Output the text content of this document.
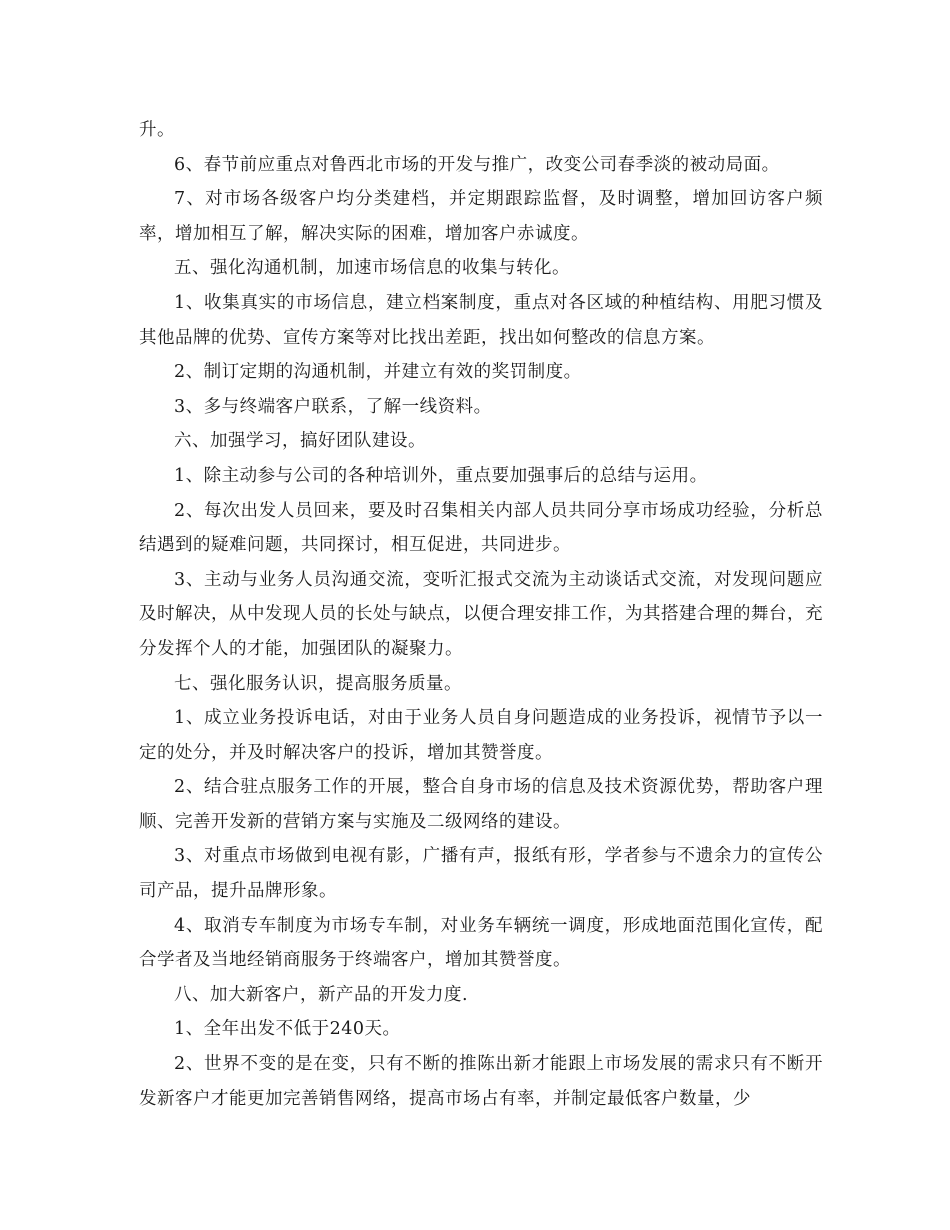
升。

6、春节前应重点对鲁西北市场的开发与推广，改变公司春季淡的被动局面。

7、对市场各级客户均分类建档，并定期跟踪监督，及时调整，增加回访客户频率，增加相互了解，解决实际的困难，增加客户赤诚度。

五、强化沟通机制，加速市场信息的收集与转化。

1、收集真实的市场信息，建立档案制度，重点对各区域的种植结构、用肥习惯及其他品牌的优势、宣传方案等对比找出差距，找出如何整改的信息方案。

2、制订定期的沟通机制，并建立有效的奖罚制度。

3、多与终端客户联系，了解一线资料。

六、加强学习，搞好团队建设。

1、除主动参与公司的各种培训外，重点要加强事后的总结与运用。

2、每次出发人员回来，要及时召集相关内部人员共同分享市场成功经验，分析总结遇到的疑难问题，共同探讨，相互促进，共同进步。

3、主动与业务人员沟通交流，变听汇报式交流为主动谈话式交流，对发现问题应及时解决，从中发现人员的长处与缺点，以便合理安排工作，为其搭建合理的舞台，充分发挥个人的才能，加强团队的凝聚力。

七、强化服务认识，提高服务质量。

1、成立业务投诉电话，对由于业务人员自身问题造成的业务投诉，视情节予以一定的处分，并及时解决客户的投诉，增加其赞誉度。

2、结合驻点服务工作的开展，整合自身市场的信息及技术资源优势，帮助客户理顺、完善开发新的营销方案与实施及二级网络的建设。

3、对重点市场做到电视有影，广播有声，报纸有形，学者参与不遗余力的宣传公司产品，提升品牌形象。

4、取消专车制度为市场专车制，对业务车辆统一调度，形成地面范围化宣传，配合学者及当地经销商服务于终端客户，增加其赞誉度。

八、加大新客户，新产品的开发力度.

1、全年出发不低于240天。

2、世界不变的是在变，只有不断的推陈出新才能跟上市场发展的需求只有不断开发新客户才能更加完善销售网络，提高市场占有率，并制定最低客户数量，少
